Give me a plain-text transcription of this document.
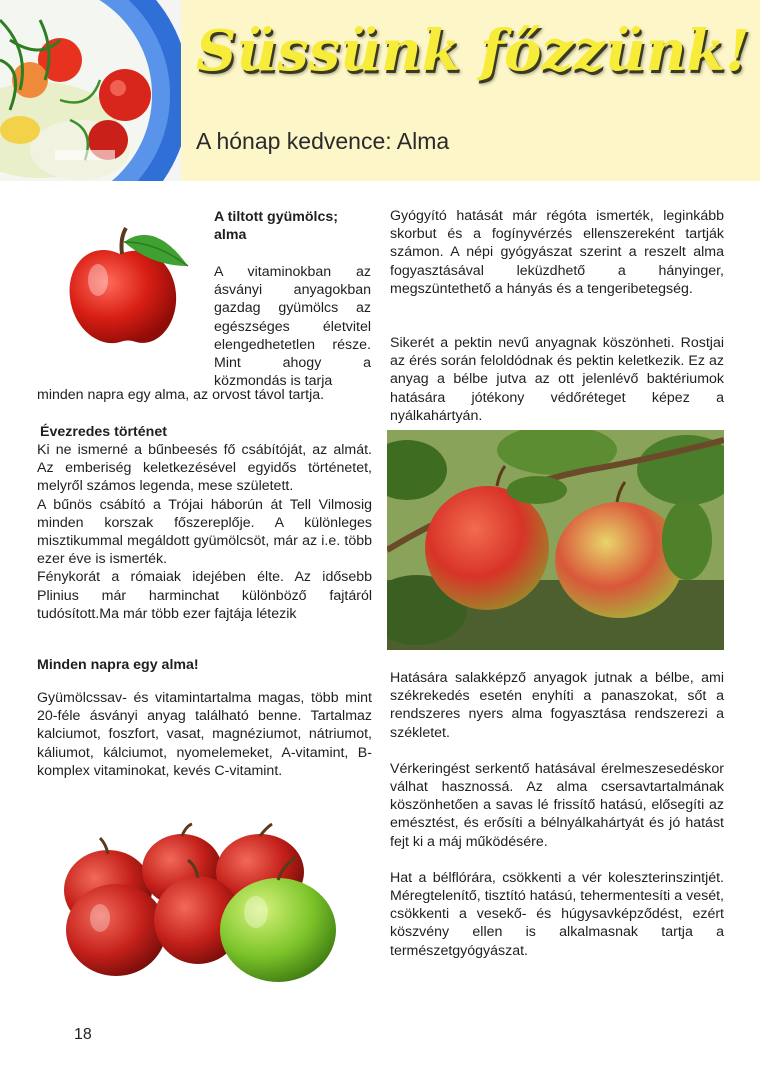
Süssünk főzzünk!
A hónap kedvence: Alma
A tiltott gyümölcs; alma
A vitaminokban az ásványi anyagokban gazdag gyümölcs az egészséges életvitel elengedhetetlen része. Mint ahogy a közmondás is tarja
minden napra egy alma, az orvost távol tartja.
Évezredes történet

Ki ne ismerné a bűnbeesés fő csábítóját, az almát. Az emberiség keletkezésével egyidős történetet, melyről számos legenda, mese született.

A bűnös csábító a Trójai háborún át Tell Vilmosig minden korszak főszereplője. A különleges misztikummal megáldott gyümölcsöt, már az i.e. több ezer éve is ismerték.

Fénykorát a rómaiak idejében élte. Az idősebb Plinius már harminchat különböző fajtáról tudósított.Ma már több ezer fajtája létezik

Minden napra egy alma!
Gyümölcssav- és vitamintartalma magas, több mint 20-féle ásványi anyag található benne. Tartalmaz kalciumot, foszfort, vasat, magnéziumot, nátriumot, káliumot, kálciumot, nyomelemeket, A-vitamint, B- komplex vitaminokat, kevés C-vitamint.
Gyógyító hatását már régóta ismerték, leginkább skorbut és a fogínyvérzés ellenszereként tartják számon. A népi gyógyászat szerint a reszelt alma fogyasztásával leküzdhető a hányinger, megszüntethető a hányás és a tengeribetegség.
Sikerét a pektin nevű anyagnak köszönheti. Rostjai az érés során feloldódnak és pektin keletkezik. Ez az anyag a bélbe jutva az ott jelenlévő baktériumok hatására jótékony védőréteget képez a nyálkahártyán.

Hatására salakképző anyagok jutnak a bélbe, ami székrekedés esetén enyhíti a panaszokat, sőt a rendszeres nyers alma fogyasztása rendszerezi a székletet.

Vérkeringést serkentő hatásával érelmeszesedéskor válhat hasznossá. Az alma csersavtartalmának köszönhetően a savas lé frissítő hatású, elősegíti az emésztést, és erősíti a bélnyálkahártyát és jó hatást fejt ki a máj működésére.

Hat a bélflórára, csökkenti a vér koleszterinszintjét. Méregtelenítő, tisztító hatású, tehermentesíti a vesét, csökkenti a vesekő- és húgysavképződést, ezért köszvény ellen is alkalmasnak tartja a természetgyógyászat.

18
